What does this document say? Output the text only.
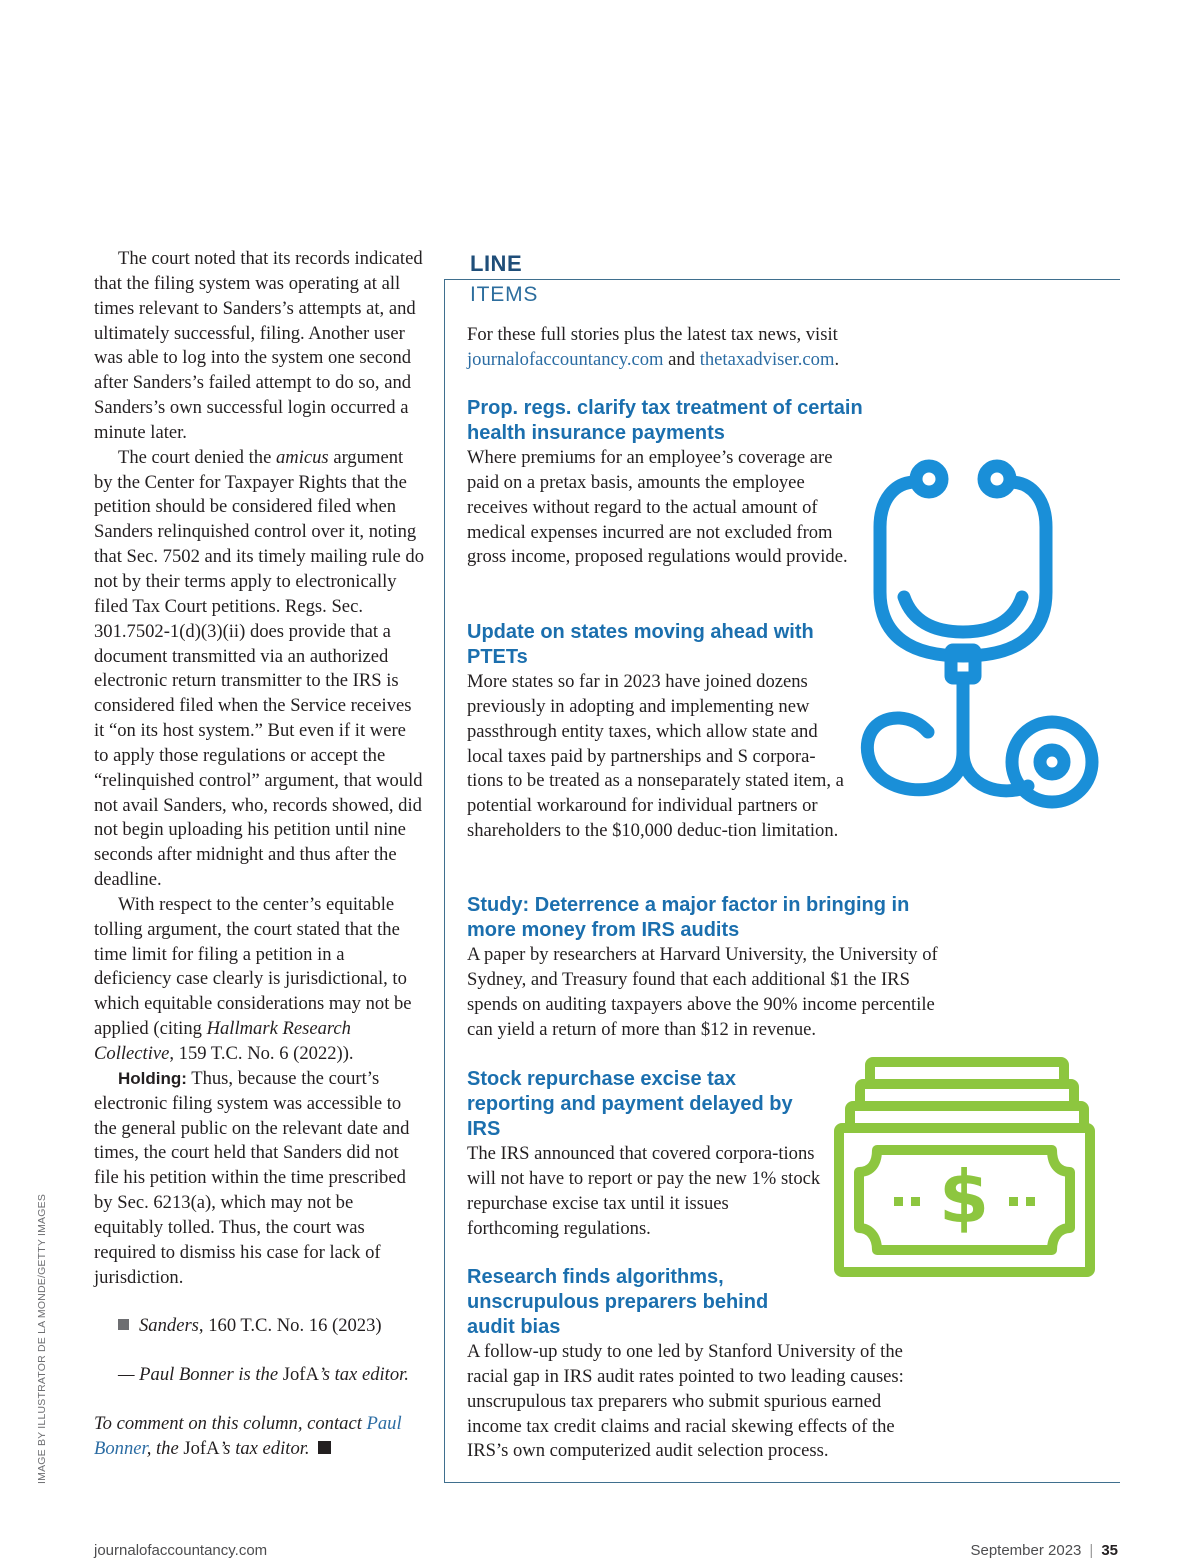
The court noted that its records indicated that the filing system was operating at all times relevant to Sanders’s attempts at, and ultimately successful, filing. Another user was able to log into the system one second after Sanders’s failed attempt to do so, and Sanders’s own successful login occurred a minute later.

The court denied the amicus argument by the Center for Taxpayer Rights that the petition should be considered filed when Sanders relinquished control over it, noting that Sec. 7502 and its timely mailing rule do not by their terms apply to electronically filed Tax Court petitions. Regs. Sec. 301.7502-1(d)(3)(ii) does provide that a document transmitted via an authorized electronic return transmitter to the IRS is considered filed when the Service receives it “on its host system.” But even if it were to apply those regulations or accept the “relinquished control” argument, that would not avail Sanders, who, records showed, did not begin uploading his petition until nine seconds after midnight and thus after the deadline.

With respect to the center’s equitable tolling argument, the court stated that the time limit for filing a petition in a deficiency case clearly is jurisdictional, to which equitable considerations may not be applied (citing Hallmark Research Collective, 159 T.C. No. 6 (2022)).

Holding: Thus, because the court’s electronic filing system was accessible to the general public on the relevant date and times, the court held that Sanders did not file his petition within the time prescribed by Sec. 6213(a), which may not be equitably tolled. Thus, the court was required to dismiss his case for lack of jurisdiction.

Sanders, 160 T.C. No. 16 (2023)

— Paul Bonner is the JofA’s tax editor.

To comment on this column, contact Paul Bonner, the JofA’s tax editor.

IMAGE BY ILLUSTRATOR DE LA MONDE/GETTY IMAGES
LINE
ITEMS
For these full stories plus the latest tax news, visit
journalofaccountancy.com and thetaxadviser.com.
Prop. regs. clarify tax treatment of certain health insurance payments

Where premiums for an employee’s coverage are paid on a pretax basis, amounts the employee receives without regard to the actual amount of medical expenses incurred are not excluded from gross income, proposed regulations would provide.

Update on states moving ahead with PTETs

More states so far in 2023 have joined dozens previously in adopting and implementing new passthrough entity taxes, which allow state and local taxes paid by partnerships and S corpora-tions to be treated as a nonseparately stated item, a potential workaround for individual partners or shareholders to the $10,000 deduc-tion limitation.

Study: Deterrence a major factor in bringing in more money from IRS audits

A paper by researchers at Harvard University, the University of Sydney, and Treasury found that each additional $1 the IRS spends on auditing taxpayers above the 90% income percentile can yield a return of more than $12 in revenue.

Stock repurchase excise tax reporting and payment delayed by IRS

The IRS announced that covered corpora-tions will not have to report or pay the new 1% stock repurchase excise tax until it issues forthcoming regulations.

Research finds algorithms, unscrupulous preparers behind audit bias

A follow-up study to one led by Stanford University of the racial gap in IRS audit rates pointed to two leading causes: unscrupulous tax preparers who submit spurious earned income tax credit claims and racial skewing effects of the IRS’s own computerized audit selection process.

$
journalofaccountancy.com	September 2023 | 35
